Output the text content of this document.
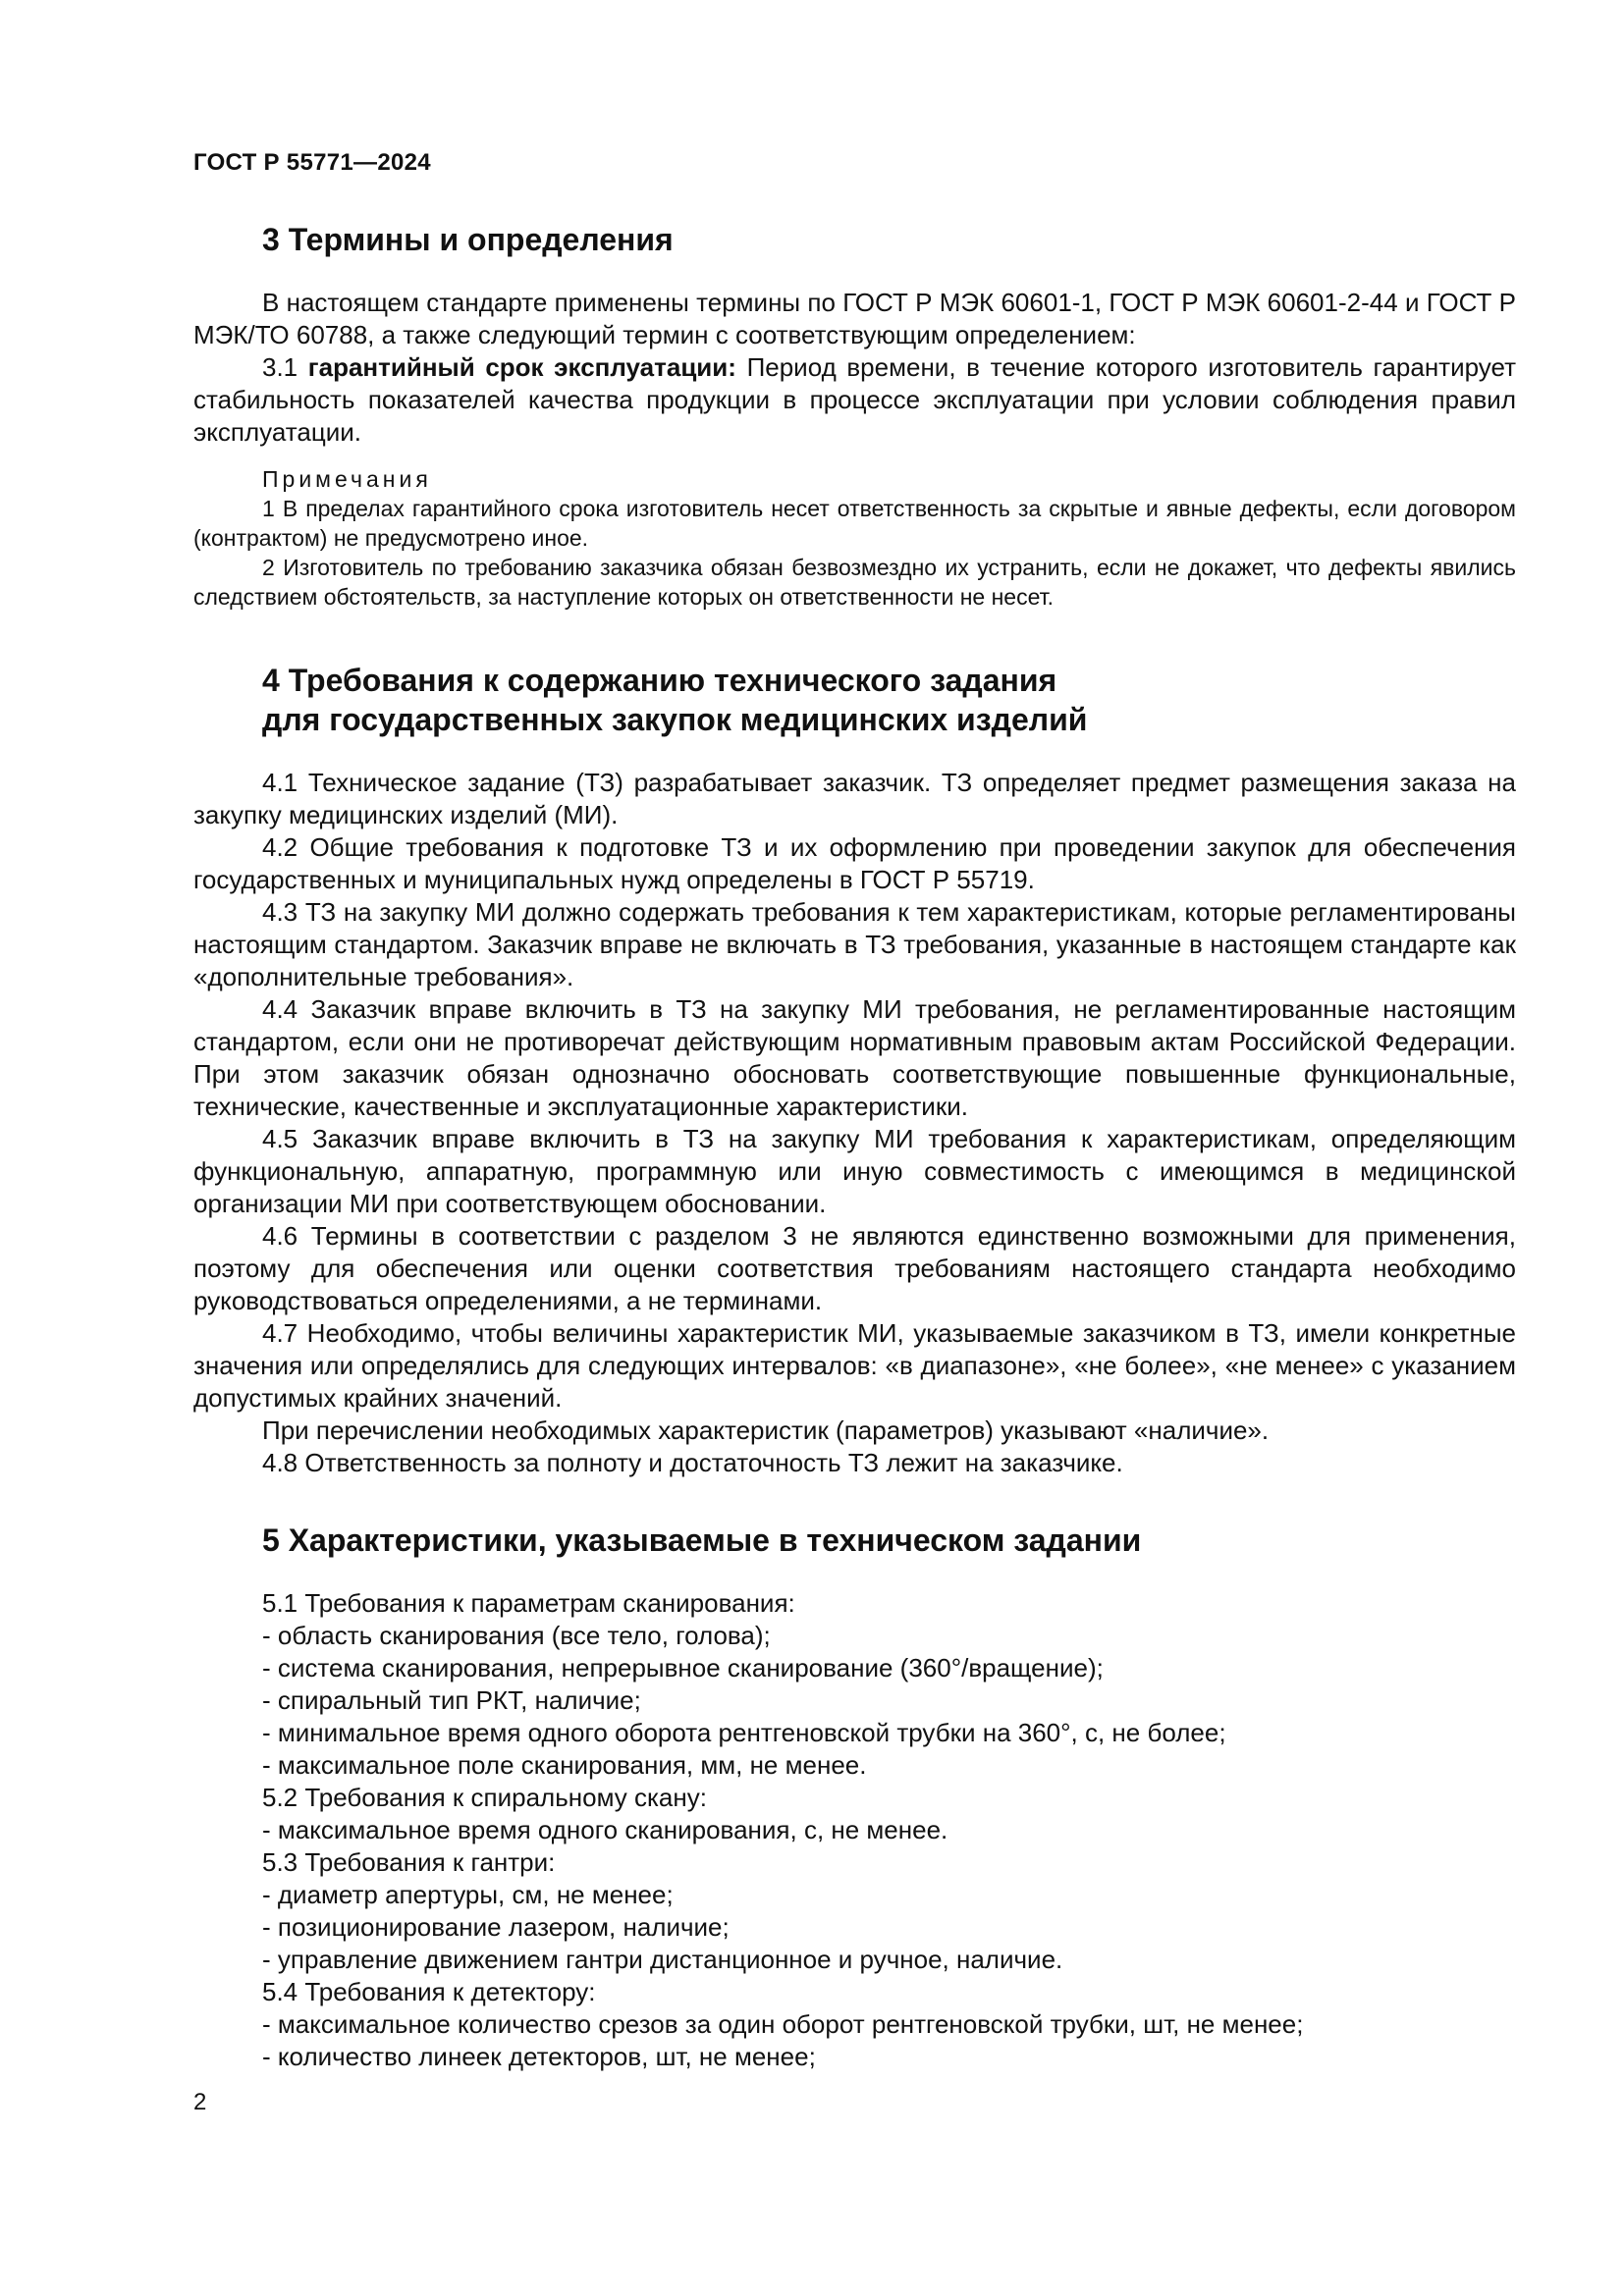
ГОСТ Р 55771—2024
3 Термины и определения

В настоящем стандарте применены термины по ГОСТ Р МЭК 60601-1, ГОСТ Р МЭК 60601-2-44 и ГОСТ Р МЭК/ТО 60788, а также следующий термин с соответствующим определением:

3.1 гарантийный срок эксплуатации: Период времени, в течение которого изготовитель гарантирует стабильность показателей качества продукции в процессе эксплуатации при условии соблюдения правил эксплуатации.

Примечания
1 В пределах гарантийного срока изготовитель несет ответственность за скрытые и явные дефекты, если договором (контрактом) не предусмотрено иное.
2 Изготовитель по требованию заказчика обязан безвозмездно их устранить, если не докажет, что дефекты явились следствием обстоятельств, за наступление которых он ответственности не несет.
4 Требования к содержанию технического задания
для государственных закупок медицинских изделий

4.1 Техническое задание (ТЗ) разрабатывает заказчик. ТЗ определяет предмет размещения заказа на закупку медицинских изделий (МИ).

4.2 Общие требования к подготовке ТЗ и их оформлению при проведении закупок для обеспечения государственных и муниципальных нужд определены в ГОСТ Р 55719.

4.3 ТЗ на закупку МИ должно содержать требования к тем характеристикам, которые регламентированы настоящим стандартом. Заказчик вправе не включать в ТЗ требования, указанные в настоящем стандарте как «дополнительные требования».

4.4 Заказчик вправе включить в ТЗ на закупку МИ требования, не регламентированные настоящим стандартом, если они не противоречат действующим нормативным правовым актам Российской Федерации. При этом заказчик обязан однозначно обосновать соответствующие повышенные функциональные, технические, качественные и эксплуатационные характеристики.

4.5 Заказчик вправе включить в ТЗ на закупку МИ требования к характеристикам, определяющим функциональную, аппаратную, программную или иную совместимость с имеющимся в медицинской организации МИ при соответствующем обосновании.

4.6 Термины в соответствии с разделом 3 не являются единственно возможными для применения, поэтому для обеспечения или оценки соответствия требованиям настоящего стандарта необходимо руководствоваться определениями, а не терминами.

4.7 Необходимо, чтобы величины характеристик МИ, указываемые заказчиком в ТЗ, имели конкретные значения или определялись для следующих интервалов: «в диапазоне», «не более», «не менее» с указанием допустимых крайних значений.

При перечислении необходимых характеристик (параметров) указывают «наличие».

4.8 Ответственность за полноту и достаточность ТЗ лежит на заказчике.

5 Характеристики, указываемые в техническом задании
5.1 Требования к параметрам сканирования:
- область сканирования (все тело, голова);
- система сканирования, непрерывное сканирование (360°/вращение);
- спиральный тип РКТ, наличие;
- минимальное время одного оборота рентгеновской трубки на 360°, с, не более;
- максимальное поле сканирования, мм, не менее.
5.2 Требования к спиральному скану:
- максимальное время одного сканирования, с, не менее.
5.3 Требования к гантри:
- диаметр апертуры, см, не менее;
- позиционирование лазером, наличие;
- управление движением гантри дистанционное и ручное, наличие.
5.4 Требования к детектору:
- максимальное количество срезов за один оборот рентгеновской трубки, шт, не менее;
- количество линеек детекторов, шт, не менее;
2
